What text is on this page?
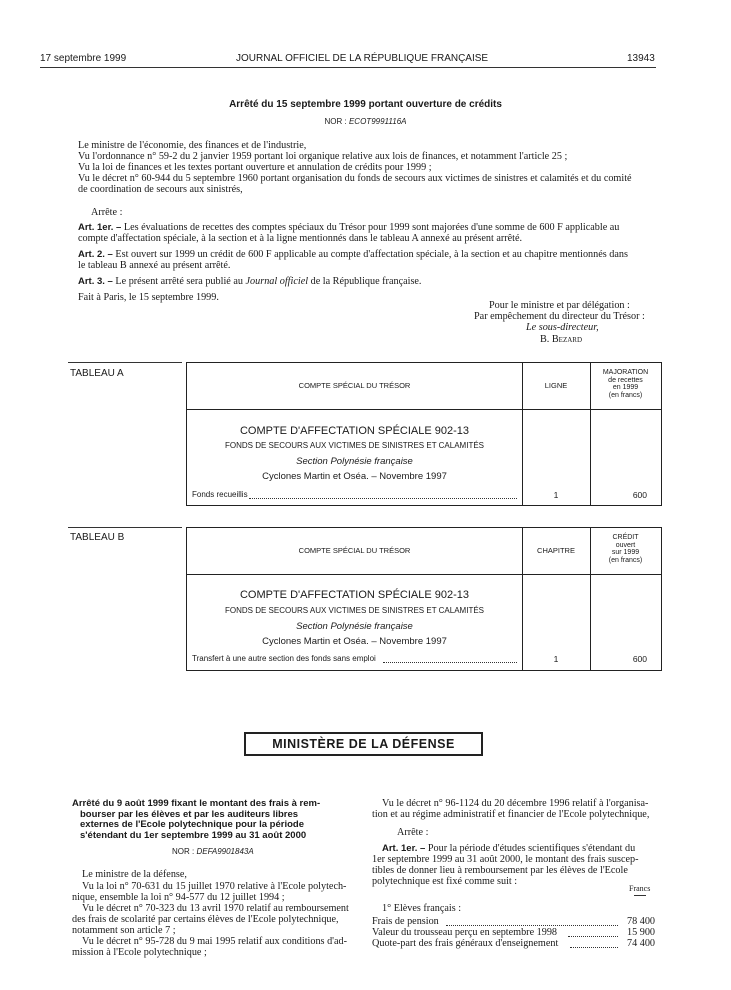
17 septembre 1999	JOURNAL OFFICIEL DE LA RÉPUBLIQUE FRANÇAISE	13943
Arrêté du 15 septembre 1999 portant ouverture de crédits
NOR : ECOT9991116A

Le ministre de l'économie, des finances et de l'industrie,

Vu l'ordonnance n° 59-2 du 2 janvier 1959 portant loi organique relative aux lois de finances, et notamment l'article 25 ;

Vu la loi de finances et les textes portant ouverture et annulation de crédits pour 1999 ;

Vu le décret n° 60-944 du 5 septembre 1960 portant organisation du fonds de secours aux victimes de sinistres et calamités et du comité

de coordination de secours aux sinistrés,

Arrête :

Art. 1er. – Les évaluations de recettes des comptes spéciaux du Trésor pour 1999 sont majorées d'une somme de 600 F applicable au

compte d'affectation spéciale, à la section et à la ligne mentionnés dans le tableau A annexé au présent arrêté.

Art. 2. – Est ouvert sur 1999 un crédit de 600 F applicable au compte d'affectation spéciale, à la section et au chapitre mentionnés dans

le tableau B annexé au présent arrêté.

Art. 3. – Le présent arrêté sera publié au Journal officiel de la République française.

Fait à Paris, le 15 septembre 1999.

Pour le ministre et par délégation :

Par empêchement du directeur du Trésor :

Le sous-directeur,

B. Bezard

TABLEAU A
COMPTE SPÉCIAL DU TRÉSOR	LIGNE
MAJORATION
de recettes
en 1999
(en francs)
COMPTE D'AFFECTATION SPÉCIALE 902-13
FONDS DE SECOURS AUX VICTIMES DE SINISTRES ET CALAMITÉS
Section Polynésie française
Cyclones Martin et Oséa. – Novembre 1997
Fonds recueillis	1	600
TABLEAU B
COMPTE SPÉCIAL DU TRÉSOR	CHAPITRE
CRÉDIT
ouvert
sur 1999
(en francs)
COMPTE D'AFFECTATION SPÉCIALE 902-13
FONDS DE SECOURS AUX VICTIMES DE SINISTRES ET CALAMITÉS
Section Polynésie française
Cyclones Martin et Oséa. – Novembre 1997
Transfert à une autre section des fonds sans emploi	1	600
MINISTÈRE DE LA DÉFENSE
Arrêté du 9 août 1999 fixant le montant des frais à rem-
bourser par les élèves et par les auditeurs libres
externes de l'Ecole polytechnique pour la période
s'étendant du 1er septembre 1999 au 31 août 2000
NOR : DEFA9901843A

Le ministre de la défense,

Vu la loi n° 70-631 du 15 juillet 1970 relative à l'Ecole polytech-

nique, ensemble la loi n° 94-577 du 12 juillet 1994 ;

Vu le décret n° 70-323 du 13 avril 1970 relatif au remboursement

des frais de scolarité par certains élèves de l'Ecole polytechnique,

notamment son article 7 ;

Vu le décret n° 95-728 du 9 mai 1995 relatif aux conditions d'ad-

mission à l'Ecole polytechnique ;

Vu le décret n° 96-1124 du 20 décembre 1996 relatif à l'organisa-

tion et au régime administratif et financier de l'Ecole polytechnique,

Arrête :

Art. 1er. – Pour la période d'études scientifiques s'étendant du

1er septembre 1999 au 31 août 2000, le montant des frais suscep-

tibles de donner lieu à remboursement par les élèves de l'Ecole

polytechnique est fixé comme suit :

Francs

1° Elèves français :

Frais de pension	78 400

Valeur du trousseau perçu en septembre 1998	15 900

Quote-part des frais généraux d'enseignement	74 400
